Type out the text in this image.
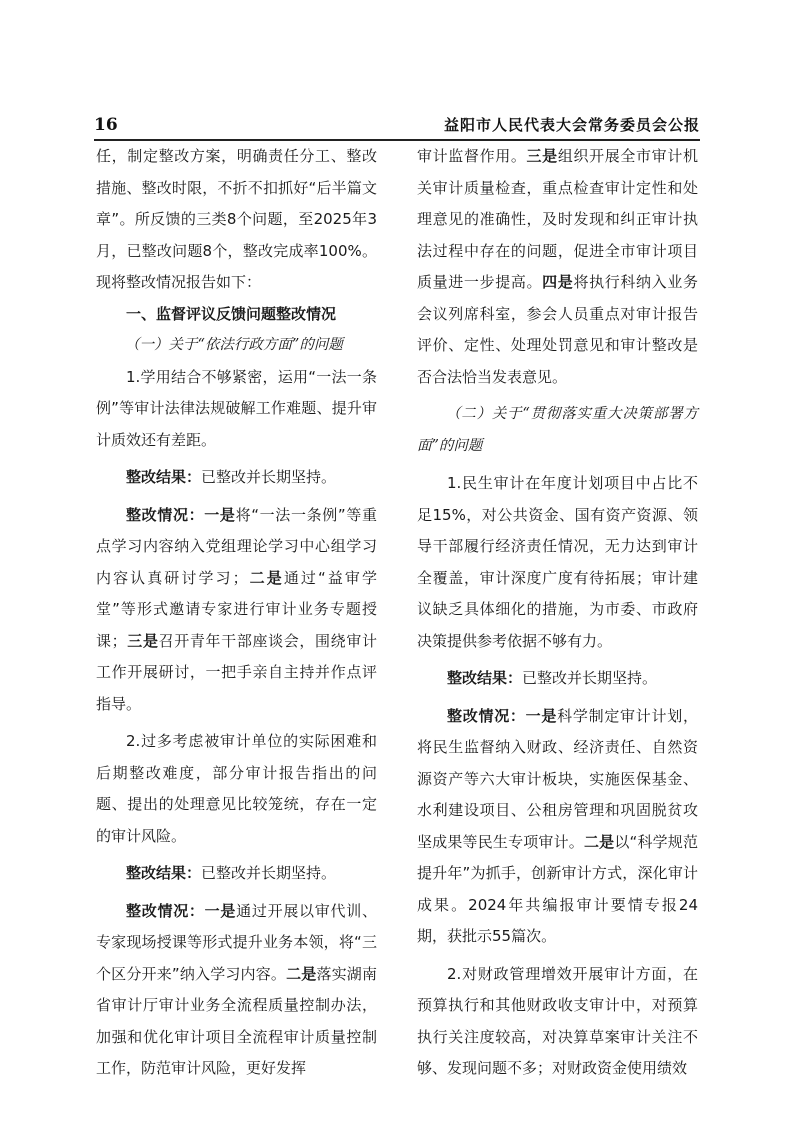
16	益阳市人民代表大会常务委员会公报

任，制定整改方案，明确责任分工、整改措施、整改时限，不折不扣抓好“后半篇文章”。所反馈的三类8个问题，至2025年3月，已整改问题8个，整改完成率100%。现将整改情况报告如下：

一、监督评议反馈问题整改情况

（一）关于“依法行政方面”的问题

1.学用结合不够紧密，运用“一法一条例”等审计法律法规破解工作难题、提升审计质效还有差距。

整改结果：已整改并长期坚持。

整改情况：一是将“一法一条例”等重点学习内容纳入党组理论学习中心组学习内容认真研讨学习；二是通过“益审学堂”等形式邀请专家进行审计业务专题授课；三是召开青年干部座谈会，围绕审计工作开展研讨，一把手亲自主持并作点评指导。

2.过多考虑被审计单位的实际困难和后期整改难度，部分审计报告指出的问题、提出的处理意见比较笼统，存在一定的审计风险。

整改结果：已整改并长期坚持。

整改情况：一是通过开展以审代训、专家现场授课等形式提升业务本领，将“三个区分开来”纳入学习内容。二是落实湖南省审计厅审计业务全流程质量控制办法，加强和优化审计项目全流程审计质量控制工作，防范审计风险，更好发挥

审计监督作用。三是组织开展全市审计机关审计质量检查，重点检查审计定性和处理意见的准确性，及时发现和纠正审计执法过程中存在的问题，促进全市审计项目质量进一步提高。四是将执行科纳入业务会议列席科室，参会人员重点对审计报告评价、定性、处理处罚意见和审计整改是否合法恰当发表意见。

（二）关于“贯彻落实重大决策部署方面”的问题

1.民生审计在年度计划项目中占比不足15%，对公共资金、国有资产资源、领导干部履行经济责任情况，无力达到审计全覆盖，审计深度广度有待拓展；审计建议缺乏具体细化的措施，为市委、市政府决策提供参考依据不够有力。

整改结果：已整改并长期坚持。

整改情况：一是科学制定审计计划，将民生监督纳入财政、经济责任、自然资源资产等六大审计板块，实施医保基金、水利建设项目、公租房管理和巩固脱贫攻坚成果等民生专项审计。二是以“科学规范提升年”为抓手，创新审计方式，深化审计成果。2024年共编报审计要情专报24期，获批示55篇次。

2.对财政管理增效开展审计方面，在预算执行和其他财政收支审计中，对预算执行关注度较高，对决算草案审计关注不够、发现问题不多；对财政资金使用绩效
